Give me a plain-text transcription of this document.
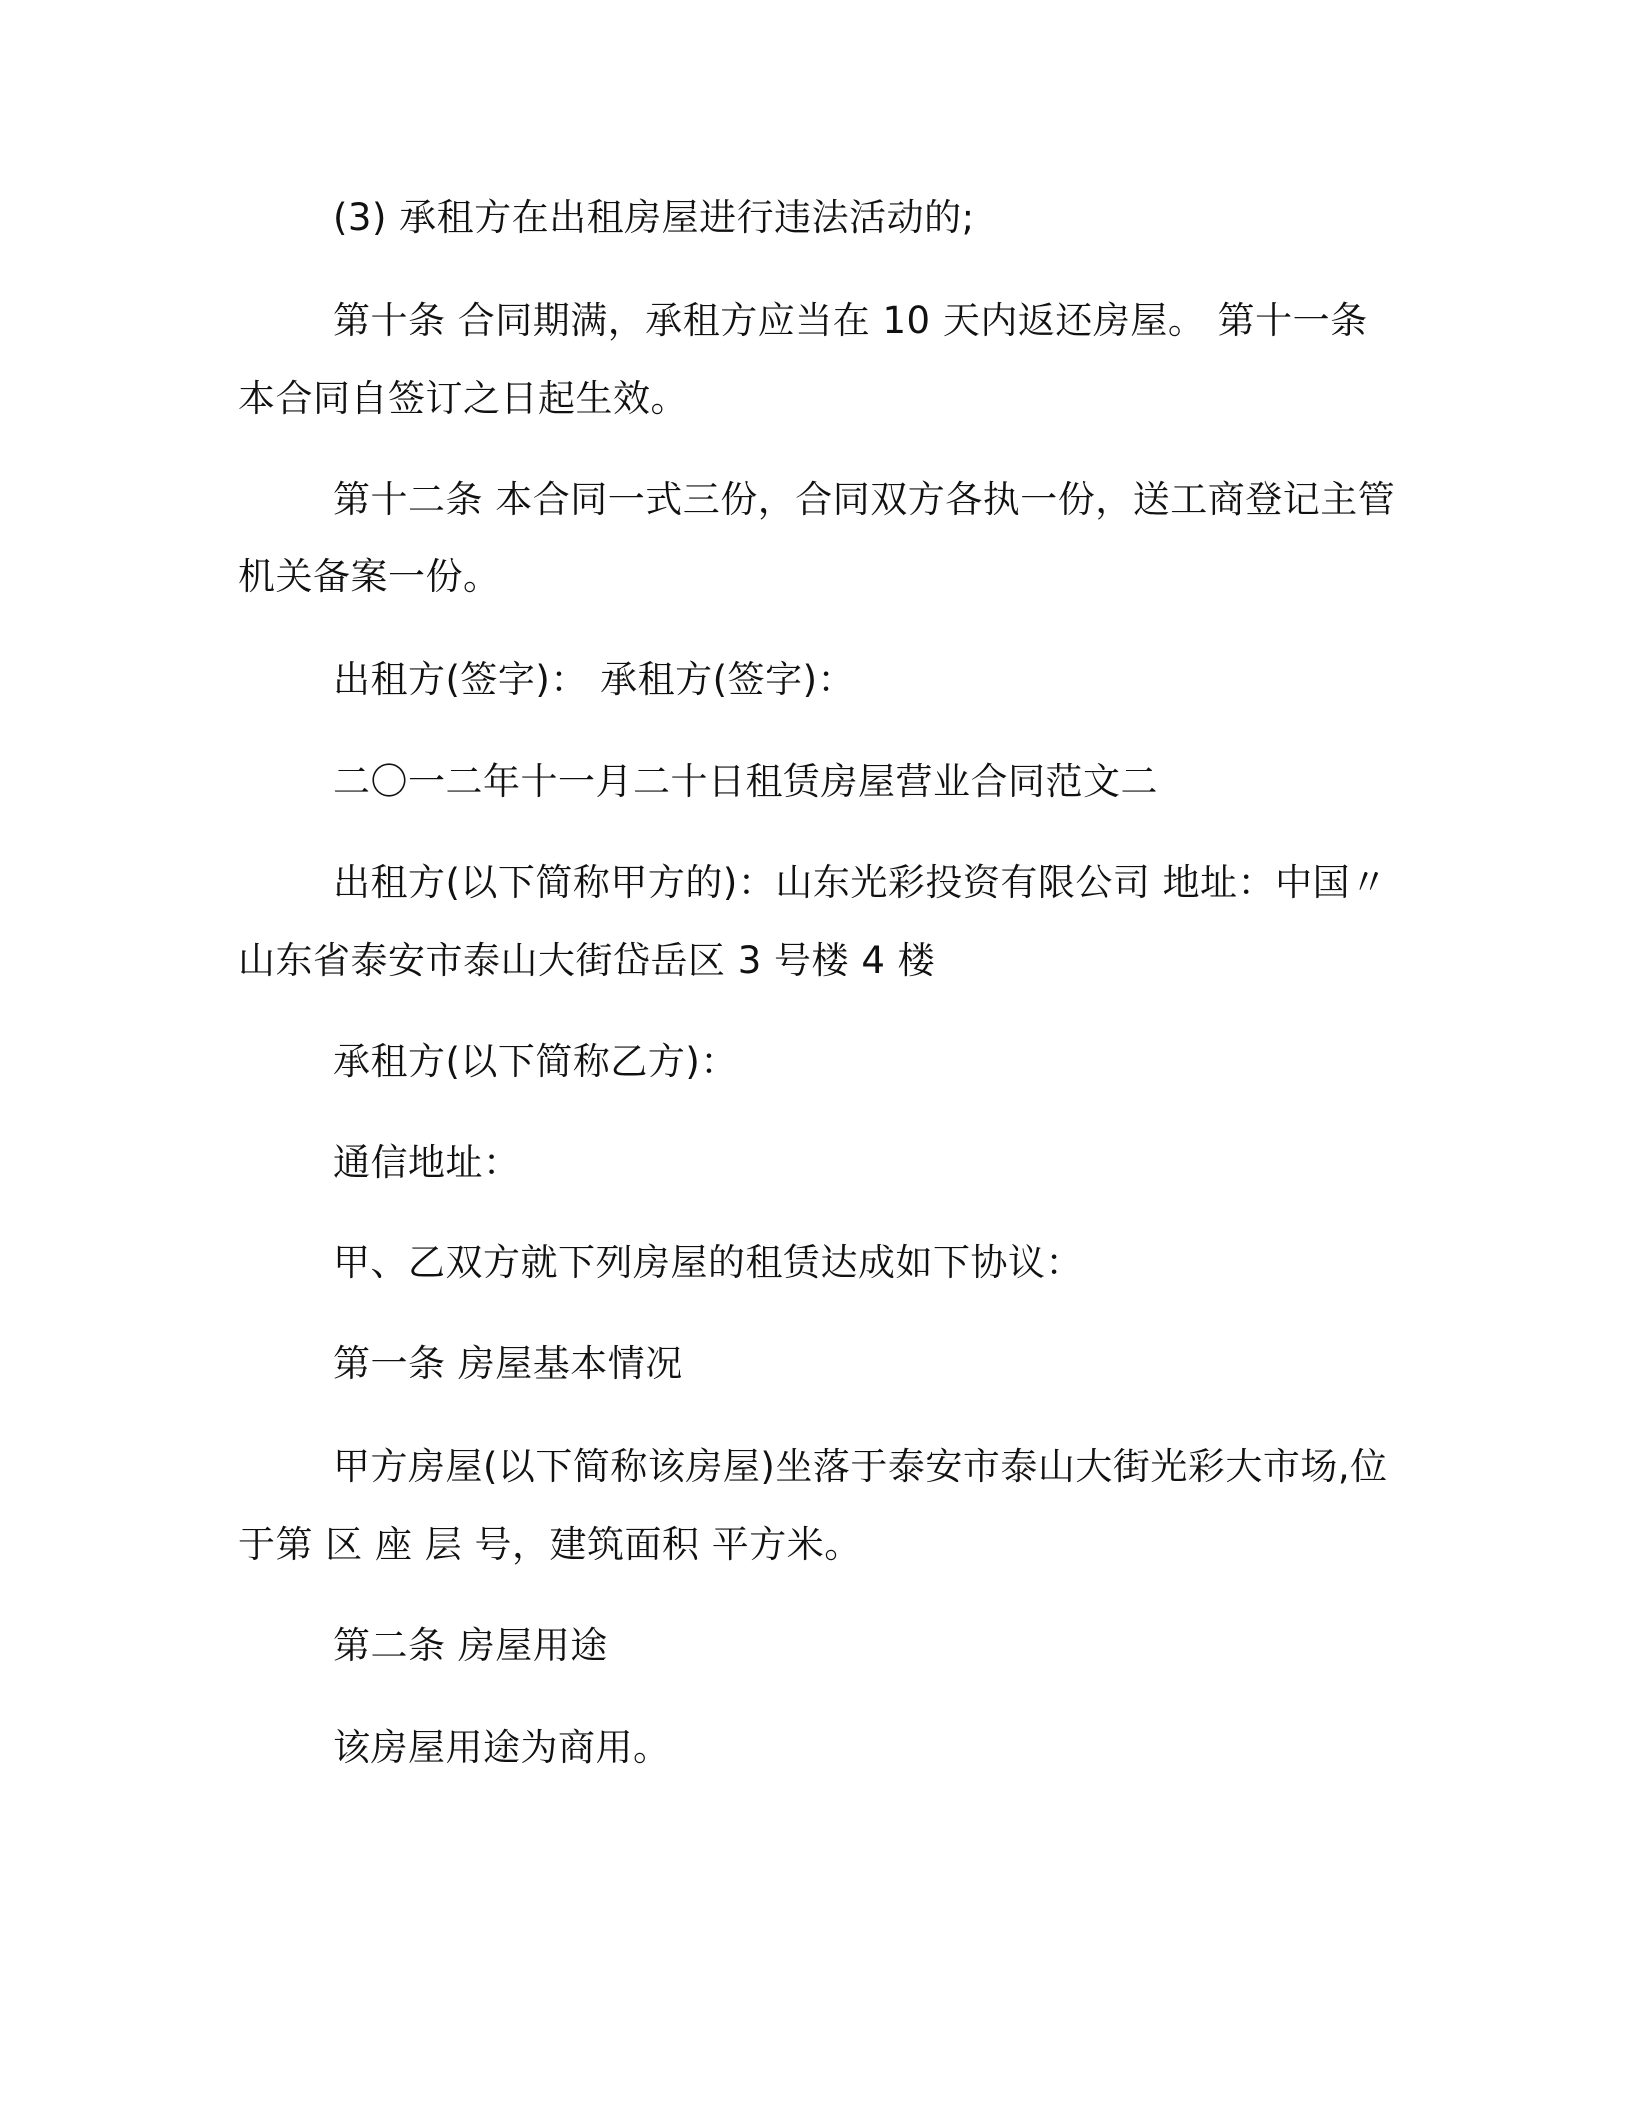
(3) 承租方在出租房屋进行违法活动的;
第十条 合同期满，承租方应当在 10 天内返还房屋。 第十一条
本合同自签订之日起生效。
第十二条 本合同一式三份，合同双方各执一份，送工商登记主管
机关备案一份。
出租方(签字)： 承租方(签字)：
二〇一二年十一月二十日租赁房屋营业合同范文二
出租方(以下简称甲方的)：山东光彩投资有限公司 地址：中国〃
山东省泰安市泰山大街岱岳区 3 号楼 4 楼
承租方(以下简称乙方)：
通信地址：
甲、乙双方就下列房屋的租赁达成如下协议：
第一条 房屋基本情况
甲方房屋(以下简称该房屋)坐落于泰安市泰山大街光彩大市场,位
于第 区 座 层 号，建筑面积 平方米。
第二条 房屋用途
该房屋用途为商用。
